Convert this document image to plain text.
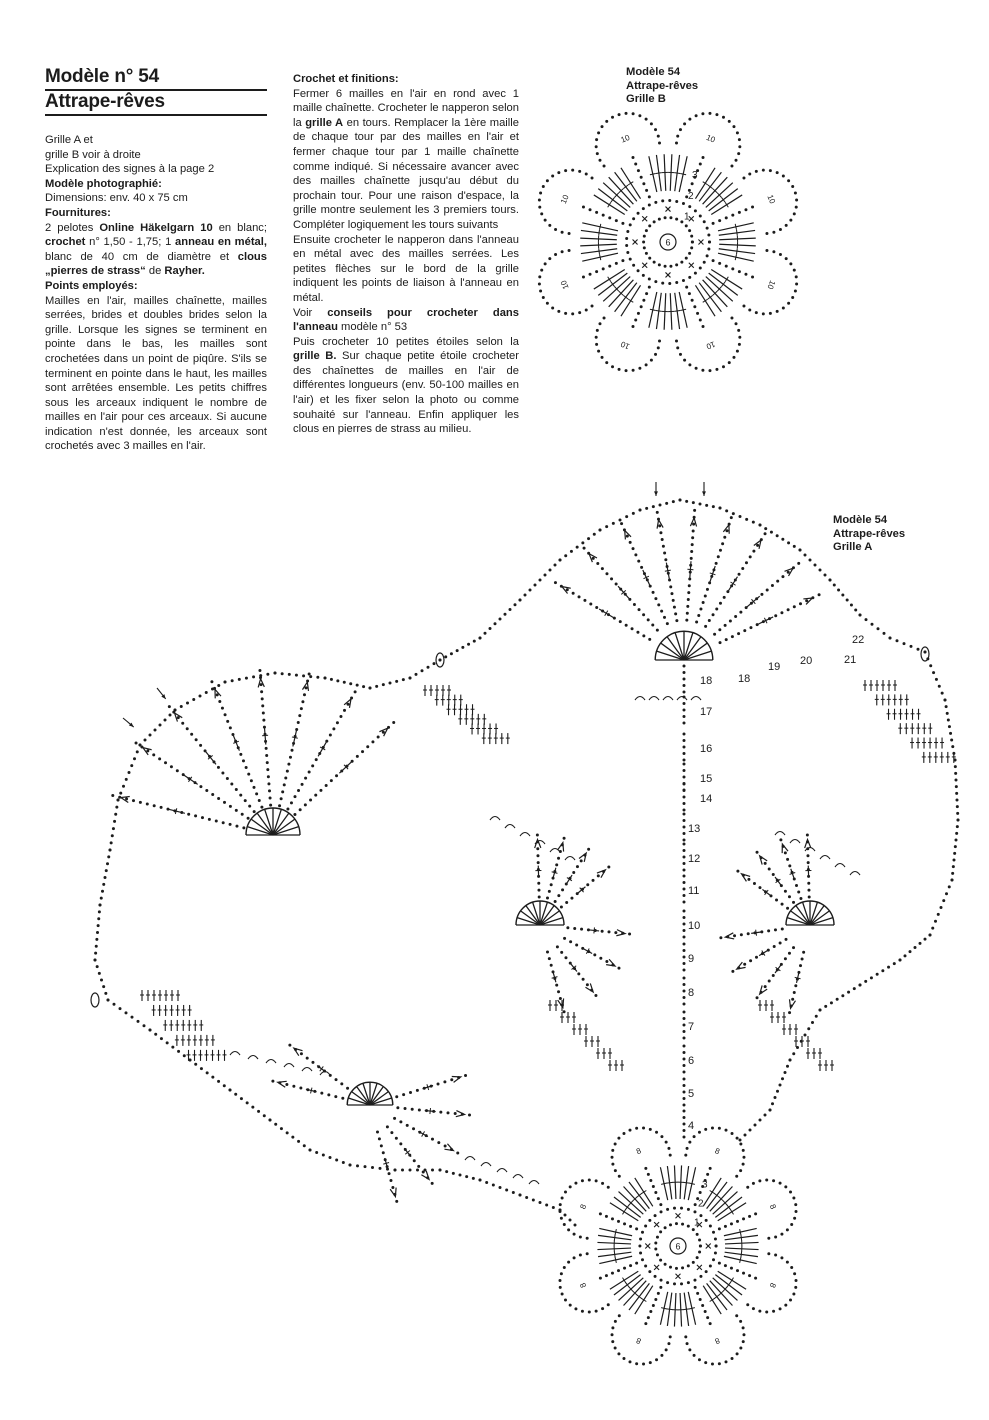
Modèle n° 54
Attrape-rêves

Grille A et

grille B voir à droite

Explication des signes à la page 2

Modèle photographié:

Dimensions: env. 40 x 75 cm

Fournitures:

2 pelotes Online Häkelgarn 10 en blanc; crochet n° 1,50 - 1,75; 1 anneau en métal, blanc de 40 cm de diamètre et clous „pierres de strass“ de Rayher.

Points employés:

Mailles en l'air, mailles chaînette, mailles serrées, brides et doubles brides selon la grille. Lorsque les signes se terminent en pointe dans le bas, les mailles sont crochetées dans un point de piqûre. S'ils se terminent en pointe dans le haut, les mailles sont arrêtées ensemble. Les petits chiffres sous les arceaux indiquent le nombre de mailles en l'air pour ces arceaux. Si aucune indication n'est donnée, les arceaux sont crochetés avec 3 mailles en l'air.

Crochet et finitions:

Fermer 6 mailles en l'air en rond avec 1 maille chaînette. Crocheter le napperon selon la grille A en tours. Remplacer la 1ère maille de chaque tour par des mailles en l'air et fermer chaque tour par 1 maille chaînette comme indiqué. Si nécessaire avancer avec des mailles chaînette jusqu'au début du prochain tour. Pour une raison d'espace, la grille montre seulement les 3 premiers tours. Compléter logiquement les tours suivants

Ensuite crocheter le napperon dans l'anneau en métal avec des mailles serrées. Les petites flèches sur le bord de la grille indiquent les points de liaison à l'anneau en métal.

Voir conseils pour crocheter dans l'anneau modèle n° 53

Puis crocheter 10 petites étoiles selon la grille B. Sur chaque petite étoile crocheter des chaînettes de mailles en l'air de différentes longueurs (env. 50-100 mailles en l'air) et les fixer selon la photo ou comme souhaité sur l'anneau. Enfin appliquer les clous en pierres de strass au milieu.

Modèle 54
Attrape-rêves
Grille B
Modèle 54
Attrape-rêves
Grille A
6
10
10
10
10
10
10
10
10
1
2
3
6
8
8
8
8
8
8
8
8
1
2
3
4
5
6
7
8
9
10
11
12
13
14
15
16
17
18 18
19 20	21
22
